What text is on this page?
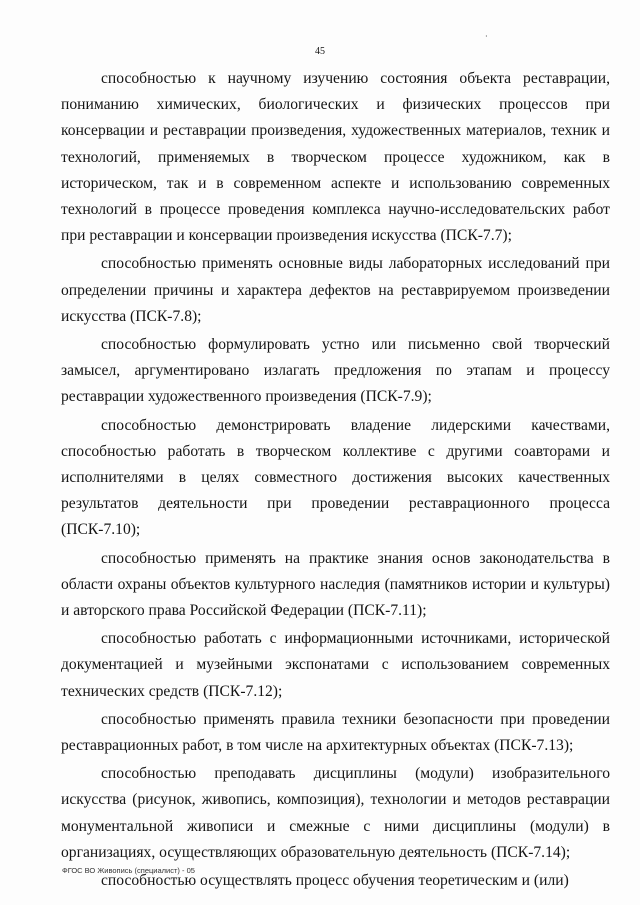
·
45

способностью к научному изучению состояния объекта реставрации, пониманию химических, биологических и физических процессов при консервации и реставрации произведения, художественных материалов, техник и технологий, применяемых в творческом процессе художником, как в историческом, так и в современном аспекте и использованию современных технологий в процессе проведения комплекса научно-исследовательских работ при реставрации и консервации произведения искусства (ПСК-7.7);

способностью применять основные виды лабораторных исследований при определении причины и характера дефектов на реставрируемом произведении искусства (ПСК-7.8);

способностью формулировать устно или письменно свой творческий замысел, аргументировано излагать предложения по этапам и процессу реставрации художественного произведения (ПСК-7.9);

способностью демонстрировать владение лидерскими качествами, способностью работать в творческом коллективе с другими соавторами и исполнителями в целях совместного достижения высоких качественных результатов деятельности при проведении реставрационного процесса (ПСК-7.10);

способностью применять на практике знания основ законодательства в области охраны объектов культурного наследия (памятников истории и культуры) и авторского права Российской Федерации (ПСК-7.11);

способностью работать с информационными источниками, исторической документацией и музейными экспонатами с использованием современных технических средств (ПСК-7.12);

способностью применять правила техники безопасности при проведении реставрационных работ, в том числе на архитектурных объектах (ПСК-7.13);

способностью преподавать дисциплины (модули) изобразительного искусства (рисунок, живопись, композиция), технологии и методов реставрации монументальной живописи и смежные с ними дисциплины (модули) в организациях, осуществляющих образовательную деятельность (ПСК-7.14);

способностью осуществлять процесс обучения теоретическим и (или)

ФГОС ВО Живопись (специалист) - 05
